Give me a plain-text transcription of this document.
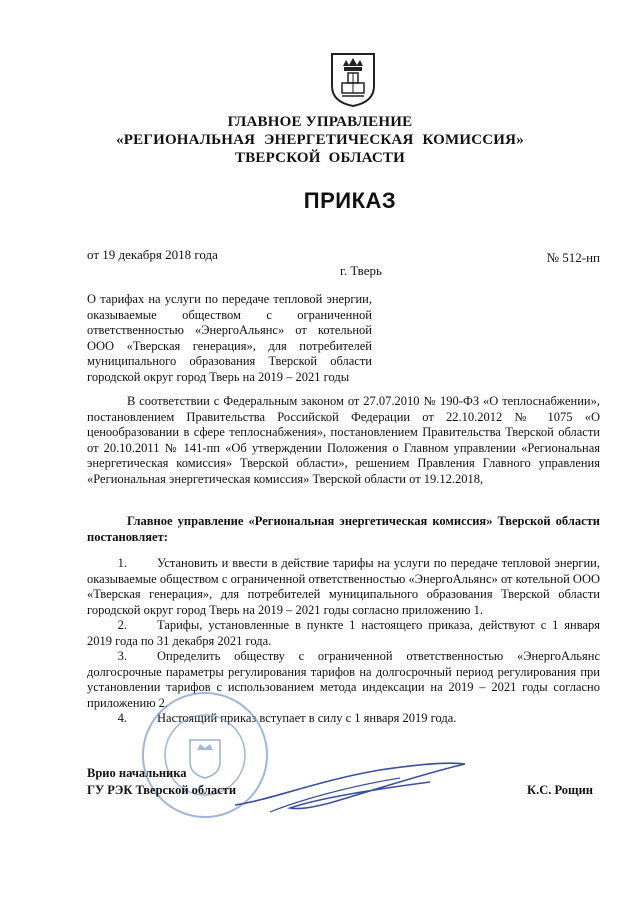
ГЛАВНОЕ УПРАВЛЕНИЕ
«РЕГИОНАЛЬНАЯ ЭНЕРГЕТИЧЕСКАЯ КОМИССИЯ»
ТВЕРСКОЙ ОБЛАСТИ
ПРИКАЗ
от 19 декабря 2018 года	№ 512-нп
г. Тверь
О тарифах на услуги по передаче тепловой энергии, оказываемые обществом с ограниченной ответственностью «ЭнергоАльянс» от котельной ООО «Тверская генерация», для потребителей муниципального образования Тверской области городской округ город Тверь на 2019 – 2021 годы
В соответствии с Федеральным законом от 27.07.2010 № 190-ФЗ «О теплоснабжении», постановлением Правительства Российской Федерации от 22.10.2012 № 1075 «О ценообразовании в сфере теплоснабжения», постановлением Правительства Тверской области от 20.10.2011 № 141-пп «Об утверждении Положения о Главном управлении «Региональная энергетическая комиссия» Тверской области», решением Правления Главного управления «Региональная энергетическая комиссия» Тверской области от 19.12.2018,
Главное управление «Региональная энергетическая комиссия» Тверской области постановляет:

1. Установить и ввести в действие тарифы на услуги по передаче тепловой энергии, оказываемые обществом с ограниченной ответственностью «ЭнергоАльянс» от котельной ООО «Тверская генерация», для потребителей муниципального образования Тверской области городской округ город Тверь на 2019 – 2021 годы согласно приложению 1.

2. Тарифы, установленные в пункте 1 настоящего приказа, действуют с 1 января 2019 года по 31 декабря 2021 года.

3. Определить обществу с ограниченной ответственностью «ЭнергоАльянс долгосрочные параметры регулирования тарифов на долгосрочный период регулирования при установлении тарифов с использованием метода индексации на 2019 – 2021 годы согласно приложению 2.

4. Настоящий приказ вступает в силу с 1 января 2019 года.

Врио начальника
ГУ РЭК Тверской области	К.С. Рощин
